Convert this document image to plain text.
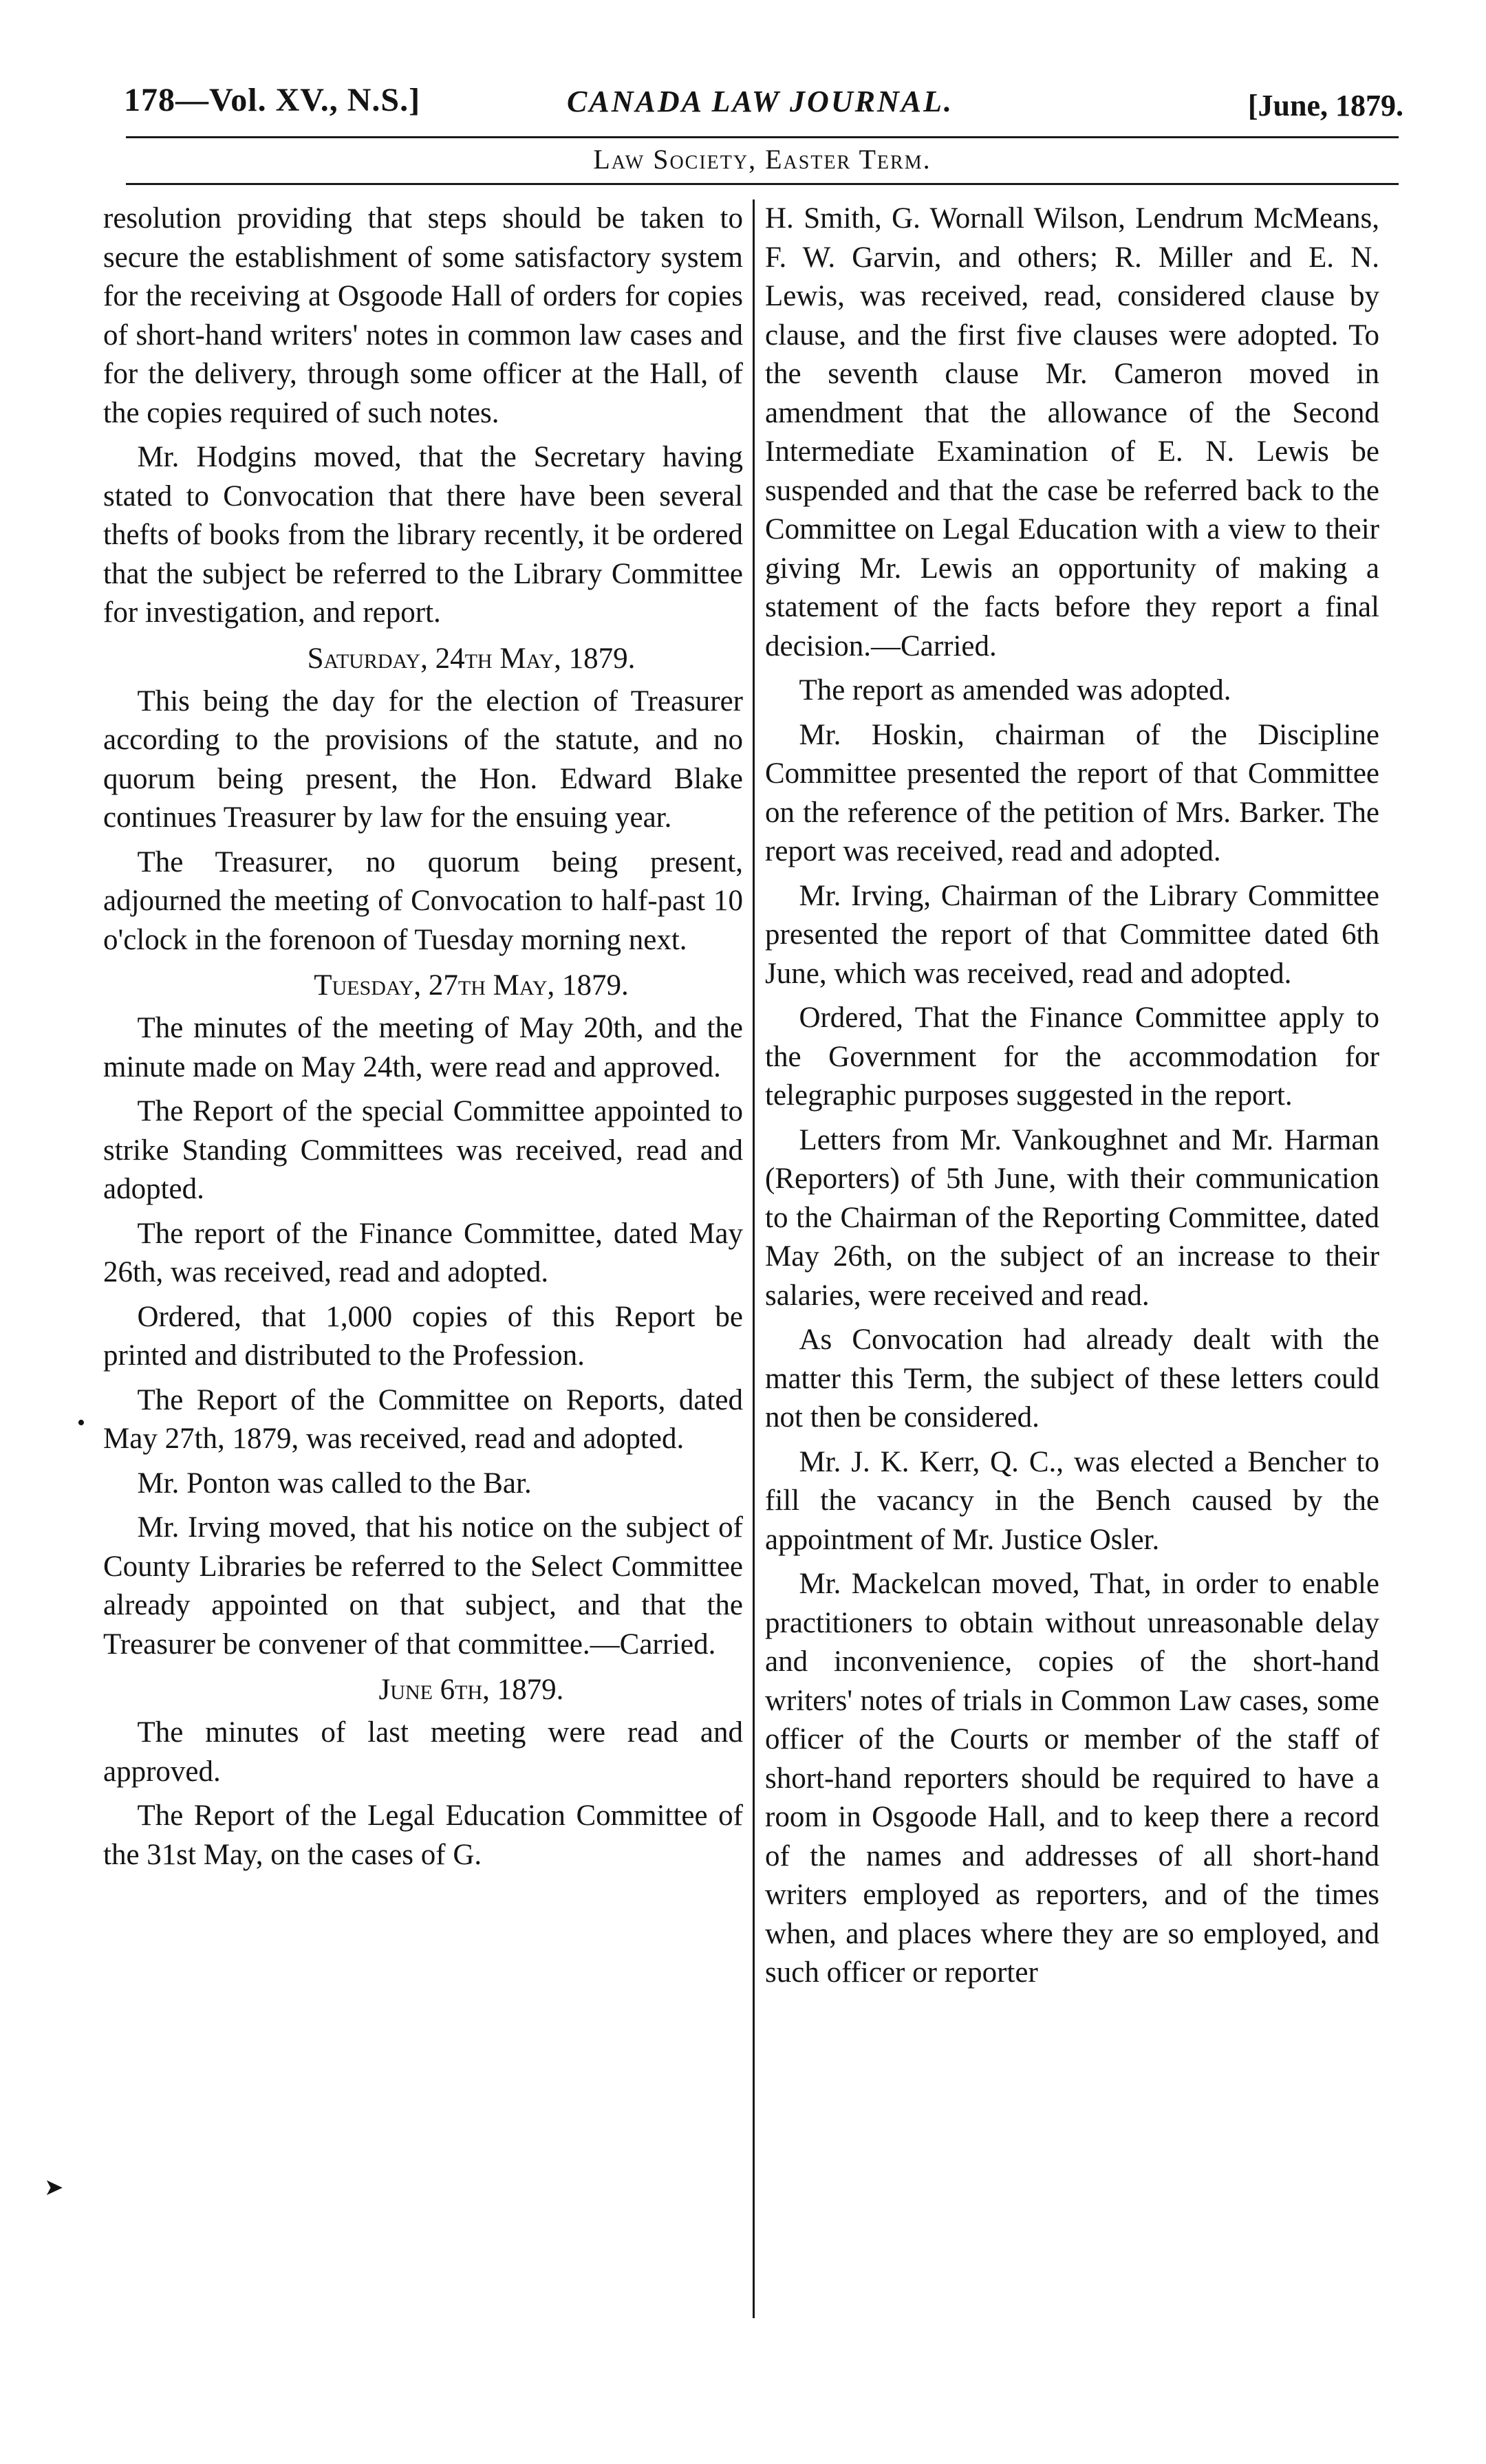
178—Vol. XV., N.S.]	CANADA LAW JOURNAL.	[June, 1879.
Law Society, Easter Term.

resolution providing that steps should be taken to secure the establishment of some satisfactory system for the receiving at Osgoode Hall of orders for copies of short-hand writers' notes in common law cases and for the delivery, through some officer at the Hall, of the copies required of such notes.

Mr. Hodgins moved, that the Secretary having stated to Convocation that there have been several thefts of books from the library recently, it be ordered that the subject be referred to the Library Committee for investigation, and report.

Saturday, 24th May, 1879.

This being the day for the election of Treasurer according to the provisions of the statute, and no quorum being present, the Hon. Edward Blake continues Treasurer by law for the ensuing year.

The Treasurer, no quorum being present, adjourned the meeting of Convocation to half-past 10 o'clock in the forenoon of Tuesday morning next.

Tuesday, 27th May, 1879.

The minutes of the meeting of May 20th, and the minute made on May 24th, were read and approved.

The Report of the special Committee appointed to strike Standing Committees was received, read and adopted.

The report of the Finance Committee, dated May 26th, was received, read and adopted.

Ordered, that 1,000 copies of this Report be printed and distributed to the Profession.

The Report of the Committee on Reports, dated May 27th, 1879, was received, read and adopted.

Mr. Ponton was called to the Bar.

Mr. Irving moved, that his notice on the subject of County Libraries be referred to the Select Committee already appointed on that subject, and that the Treasurer be convener of that committee.—Carried.

June 6th, 1879.

The minutes of last meeting were read and approved.

The Report of the Legal Education Committee of the 31st May, on the cases of G.

H. Smith, G. Wornall Wilson, Lendrum McMeans, F. W. Garvin, and others; R. Miller and E. N. Lewis, was received, read, considered clause by clause, and the first five clauses were adopted. To the seventh clause Mr. Cameron moved in amendment that the allowance of the Second Intermediate Examination of E. N. Lewis be suspended and that the case be referred back to the Committee on Legal Education with a view to their giving Mr. Lewis an opportunity of making a statement of the facts before they report a final decision.—Carried.

The report as amended was adopted.

Mr. Hoskin, chairman of the Discipline Committee presented the report of that Committee on the reference of the petition of Mrs. Barker. The report was received, read and adopted.

Mr. Irving, Chairman of the Library Committee presented the report of that Committee dated 6th June, which was received, read and adopted.

Ordered, That the Finance Committee apply to the Government for the accommodation for telegraphic purposes suggested in the report.

Letters from Mr. Vankoughnet and Mr. Harman (Reporters) of 5th June, with their communication to the Chairman of the Reporting Committee, dated May 26th, on the subject of an increase to their salaries, were received and read.

As Convocation had already dealt with the matter this Term, the subject of these letters could not then be considered.

Mr. J. K. Kerr, Q. C., was elected a Bencher to fill the vacancy in the Bench caused by the appointment of Mr. Justice Osler.

Mr. Mackelcan moved, That, in order to enable practitioners to obtain without unreasonable delay and inconvenience, copies of the short-hand writers' notes of trials in Common Law cases, some officer of the Courts or member of the staff of short-hand reporters should be required to have a room in Osgoode Hall, and to keep there a record of the names and addresses of all short-hand writers employed as reporters, and of the times when, and places where they are so employed, and such officer or reporter

•
➤
